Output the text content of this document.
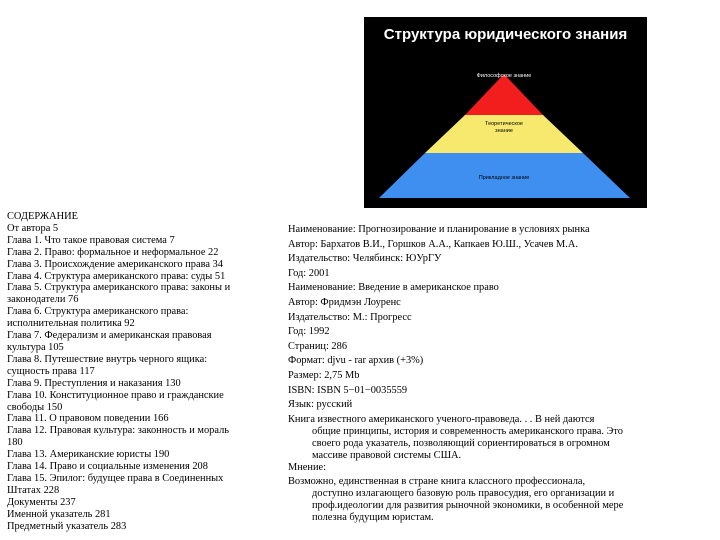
Структура юридического знания
Философское знание
Теоретическое
знание
Прикладное знание
СОДЕРЖАНИЕ
От автора 5
Глава 1. Что такое правовая система 7
Глава 2. Право: формальное и неформальное 22
Глава 3. Происхождение американского права 34
Глава 4. Структура американского права: суды 51
Глава 5. Структура американского права: законы и
законодатели 76
Глава 6. Структура американского права:
исполнительная политика 92
Глава 7. Федерализм и американская правовая
культура 105
Глава 8. Путешествие внутрь черного ящика:
сущность права 117
Глава 9. Преступления и наказания 130
Глава 10. Конституционное право и гражданские
свободы 150
Глава 11. О правовом поведении 166
Глава 12. Правовая культура: законность и мораль
180
Глава 13. Американские юристы 190
Глава 14. Право и социальные изменения 208
Глава 15. Эпилог: будущее права в Соединенных
Штатах 228
Документы 237
Именной указатель 281
Предметный указатель 283
Наименование: Прогнозирование и планирование в условиях рынка
Автор: Бархатов В.И., Горшков А.А., Капкаев Ю.Ш., Усачев М.А.
Издательство: Челябинск: ЮУрГУ
Год: 2001
Наименование: Введение в американское право
Автор: Фридмэн Лоуренс
Издательство: М.: Прогресс
Год: 1992
Страниц: 286
Формат: djvu - rar архив (+3%)
Размер: 2,75 Mb
ISBN: ISBN 5−01−0035559
Язык: русский
Книга известного американского ученого-правоведа. . . В ней даются
общие принципы, история и современность американского права. Это
своего рода указатель, позволяющий сориентироваться в огромном
массиве правовой системы США.
Мнение:
Возможно, единственная в стране книга классного профессионала,
доступно излагающего базовую роль правосудия, его организации и
проф.идеологии для развития рыночной экономики, в особенной мере
полезна будущим юристам.
